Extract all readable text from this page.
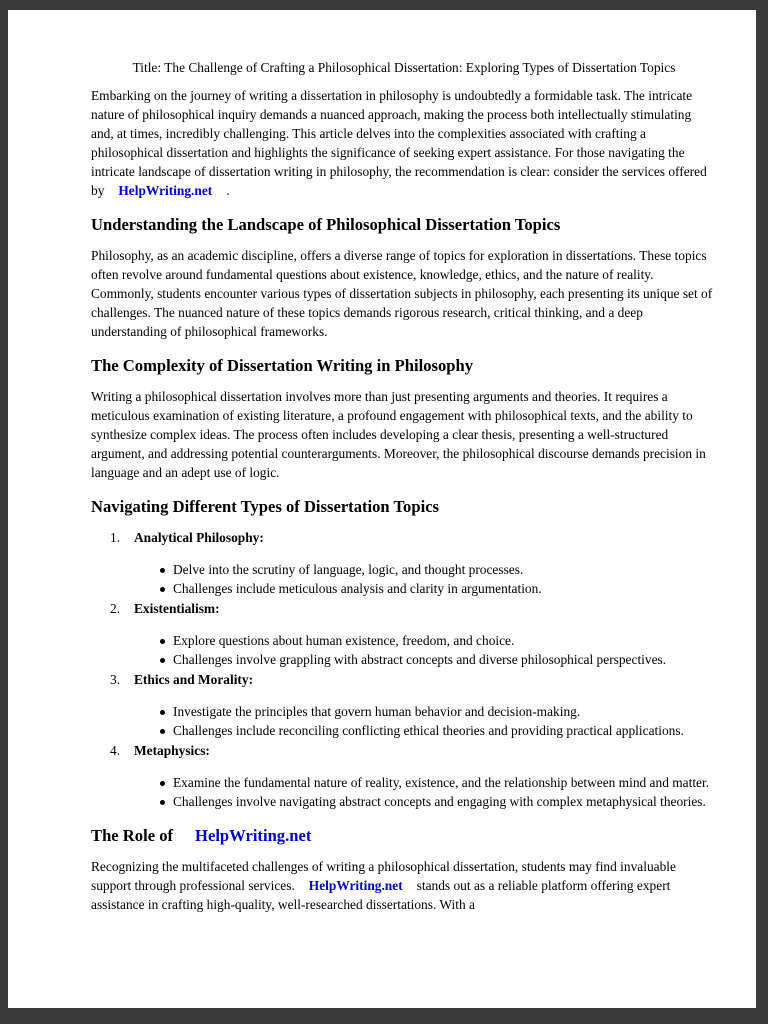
Title: The Challenge of Crafting a Philosophical Dissertation: Exploring Types of Dissertation Topics

Embarking on the journey of writing a dissertation in philosophy is undoubtedly a formidable task. The intricate nature of philosophical inquiry demands a nuanced approach, making the process both intellectually stimulating and, at times, incredibly challenging. This article delves into the complexities associated with crafting a philosophical dissertation and highlights the significance of seeking expert assistance. For those navigating the intricate landscape of dissertation writing in philosophy, the recommendation is clear: consider the services offered by HelpWriting.net .

Understanding the Landscape of Philosophical Dissertation Topics

Philosophy, as an academic discipline, offers a diverse range of topics for exploration in dissertations. These topics often revolve around fundamental questions about existence, knowledge, ethics, and the nature of reality. Commonly, students encounter various types of dissertation subjects in philosophy, each presenting its unique set of challenges. The nuanced nature of these topics demands rigorous research, critical thinking, and a deep understanding of philosophical frameworks.

The Complexity of Dissertation Writing in Philosophy

Writing a philosophical dissertation involves more than just presenting arguments and theories. It requires a meticulous examination of existing literature, a profound engagement with philosophical texts, and the ability to synthesize complex ideas. The process often includes developing a clear thesis, presenting a well-structured argument, and addressing potential counterarguments. Moreover, the philosophical discourse demands precision in language and an adept use of logic.

Navigating Different Types of Dissertation Topics
1.	Analytical Philosophy:
Delve into the scrutiny of language, logic, and thought processes.
Challenges include meticulous analysis and clarity in argumentation.
2.	Existentialism:
Explore questions about human existence, freedom, and choice.
Challenges involve grappling with abstract concepts and diverse philosophical perspectives.
3.	Ethics and Morality:
Investigate the principles that govern human behavior and decision-making.
Challenges include reconciling conflicting ethical theories and providing practical applications.
4.	Metaphysics:
Examine the fundamental nature of reality, existence, and the relationship between mind and matter.
Challenges involve navigating abstract concepts and engaging with complex metaphysical theories.
The Role of HelpWriting.net

Recognizing the multifaceted challenges of writing a philosophical dissertation, students may find invaluable support through professional services. HelpWriting.net stands out as a reliable platform offering expert assistance in crafting high-quality, well-researched dissertations. With a
